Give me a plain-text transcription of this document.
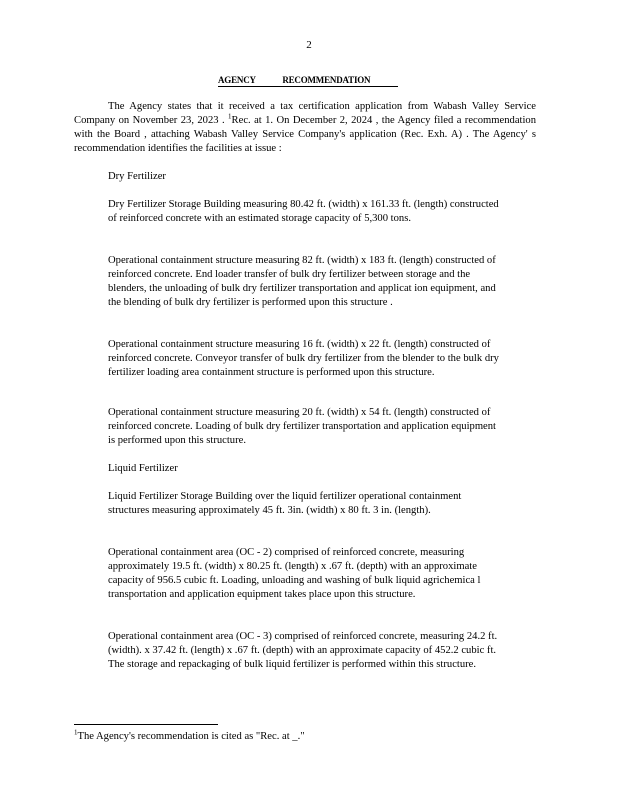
2
AGENCY	RECOMMENDATION

The Agency states that it received a tax certification application from Wabash Valley Service Company on November 23, 2023 . $^1$Rec. at 1. On December 2, 2024 , the Agency filed a recommendation with the Board , attaching Wabash Valley Service Company's application (Rec. Exh. A) . The Agency' s recommendation identifies the facilities at issue :

Dry Fertilizer
Dry Fertilizer Storage Building measuring 80.42 ft. (width) x 161.33 ft. (length) constructed of reinforced concrete with an estimated storage capacity of 5,300 tons.
Operational containment structure measuring 82 ft. (width) x 183 ft. (length) constructed of reinforced concrete. End loader transfer of bulk dry fertilizer between storage and the blenders, the unloading of bulk dry fertilizer transportation and applicat ion equipment, and the blending of bulk dry fertilizer is performed upon this structure .
Operational containment structure measuring 16 ft. (width) x 22 ft. (length) constructed of reinforced concrete. Conveyor transfer of bulk dry fertilizer from the blender to the bulk dry fertilizer loading area containment structure is performed upon this structure.
Operational containment structure measuring 20 ft. (width) x 54 ft. (length) constructed of reinforced concrete. Loading of bulk dry fertilizer transportation and application equipment is performed upon this structure.
Liquid Fertilizer
Liquid Fertilizer Storage Building over the liquid fertilizer operational containment structures measuring approximately 45 ft. 3in. (width) x 80 ft. 3 in. (length).
Operational containment area (OC - 2) comprised of reinforced concrete, measuring approximately 19.5 ft. (width) x 80.25 ft. (length) x .67 ft. (depth) with an approximate capacity of 956.5 cubic ft. Loading, unloading and washing of bulk liquid agrichemica l transportation and application equipment takes place upon this structure.
Operational containment area (OC - 3) comprised of reinforced concrete, measuring 24.2 ft. (width). x 37.42 ft. (length) x .67 ft. (depth) with an approximate capacity of 452.2 cubic ft. The storage and repackaging of bulk liquid fertilizer is performed within this structure.
$^1$The Agency's recommendation is cited as "Rec. at _."
